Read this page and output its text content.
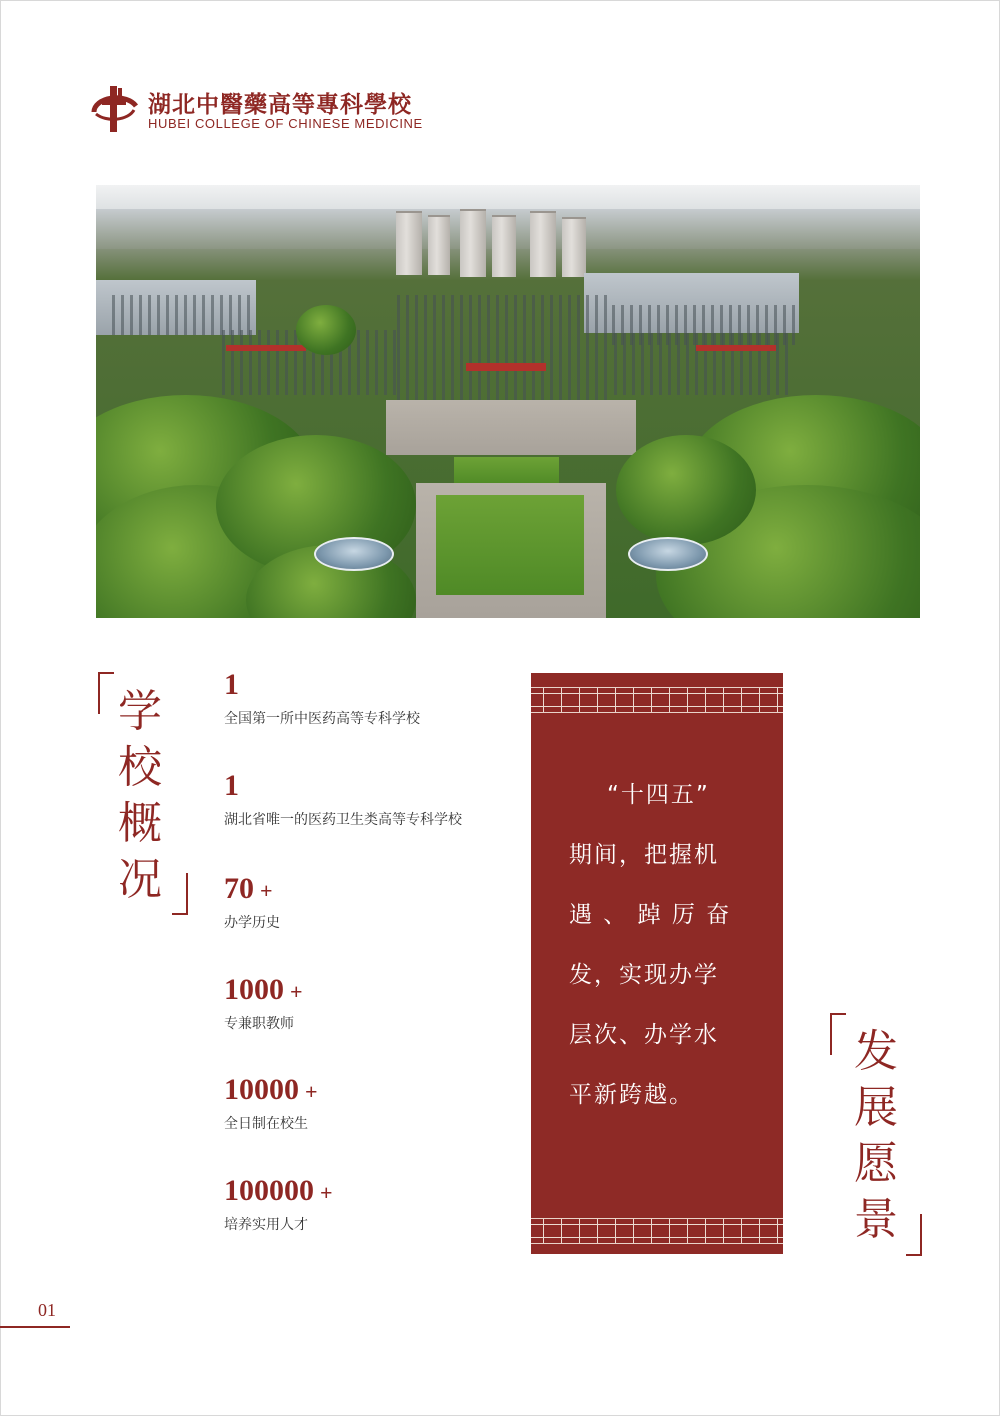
湖北中醫藥高等專科學校
HUBEI COLLEGE OF CHINESE MEDICINE
学
校
概
况
1
全国第一所中医药高等专科学校
1
湖北省唯一的医药卫生类高等专科学校
70 +
办学历史
1000 +
专兼职教师
10000 +
全日制在校生
100000 +
培养实用人才
“十四五”
期间，把握机
遇 、 踔 厉 奋
发，实现办学
层次、办学水
平新跨越。
发
展
愿
景
01
